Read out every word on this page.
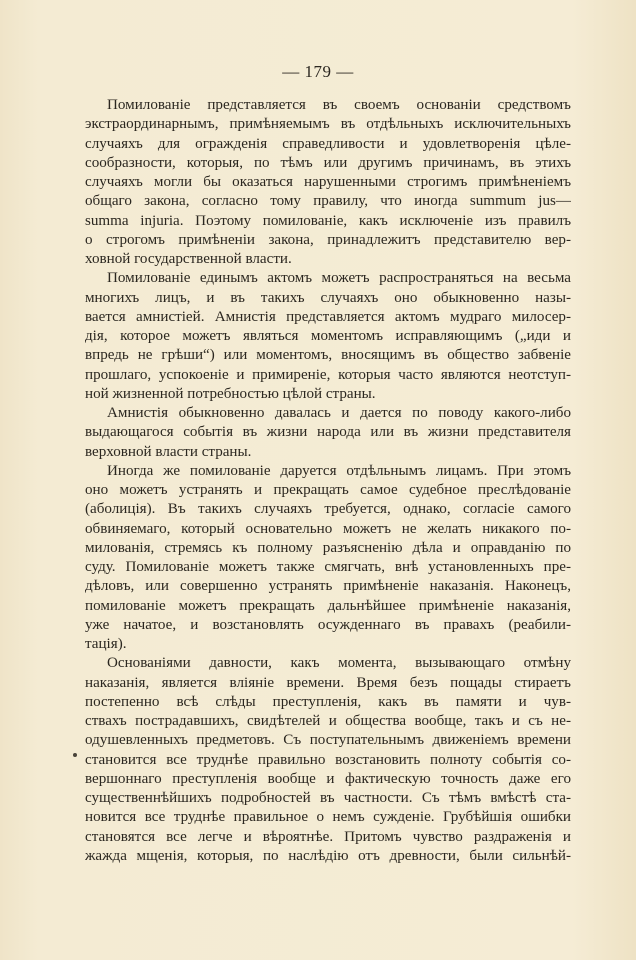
— 179 —
Помилованіе представляется въ своемъ основаніи средствомъ
экстраординарнымъ, примѣняемымъ въ отдѣльныхъ исключительныхъ
случаяхъ для огражденія справедливости и удовлетворенія цѣле-
сообразности, которыя, по тѣмъ или другимъ причинамъ, въ этихъ
случаяхъ могли бы оказаться нарушенными строгимъ примѣненіемъ
общаго закона, согласно тому правилу, что иногда summum jus—
summa injuria. Поэтому помилованіе, какъ исключеніе изъ правилъ
о строгомъ примѣненіи закона, принадлежитъ представителю вер-
ховной государственной власти.
Помилованіе единымъ актомъ можетъ распространяться на весьма
многихъ лицъ, и въ такихъ случаяхъ оно обыкновенно назы-
вается амнистіей. Амнистія представляется актомъ мудраго милосер-
дія, которое можетъ являться моментомъ исправляющимъ („иди и
впредь не грѣши“) или моментомъ, вносящимъ въ общество забвеніе
прошлаго, успокоеніе и примиреніе, которыя часто являются неотступ-
ной жизненной потребностью цѣлой страны.
Амнистія обыкновенно давалась и дается по поводу какого-либо
выдающагося событія въ жизни народа или въ жизни представителя
верховной власти страны.
Иногда же помилованіе даруется отдѣльнымъ лицамъ. При этомъ
оно можетъ устранять и прекращать самое судебное преслѣдованіе
(аболиція). Въ такихъ случаяхъ требуется, однако, согласіе самого
обвиняемаго, который основательно можетъ не желать никакого по-
милованія, стремясь къ полному разъясненію дѣла и оправданію по
суду. Помилованіе можетъ также смягчать, внѣ установленныхъ пре-
дѣловъ, или совершенно устранять примѣненіе наказанія. Наконецъ,
помилованіе можетъ прекращать дальнѣйшее примѣненіе наказанія,
уже начатое, и возстановлять осужденнаго въ правахъ (реабили-
тація).
Основаніями давности, какъ момента, вызывающаго отмѣну
наказанія, является вліяніе времени. Время безъ пощады стираетъ
постепенно всѣ слѣды преступленія, какъ въ памяти и чув-
ствахъ пострадавшихъ, свидѣтелей и общества вообще, такъ и съ не-
одушевленныхъ предметовъ. Съ поступательнымъ движеніемъ времени
становится все труднѣе правильно возстановить полноту событія со-
вершоннаго преступленія вообще и фактическую точность даже его
существеннѣйшихъ подробностей въ частности. Съ тѣмъ вмѣстѣ ста-
новится все труднѣе правильное о немъ сужденіе. Грубѣйшія ошибки
становятся все легче и вѣроятнѣе. Притомъ чувство раздраженія и
жажда мщенія, которыя, по наслѣдію отъ древности, были сильнѣй-
